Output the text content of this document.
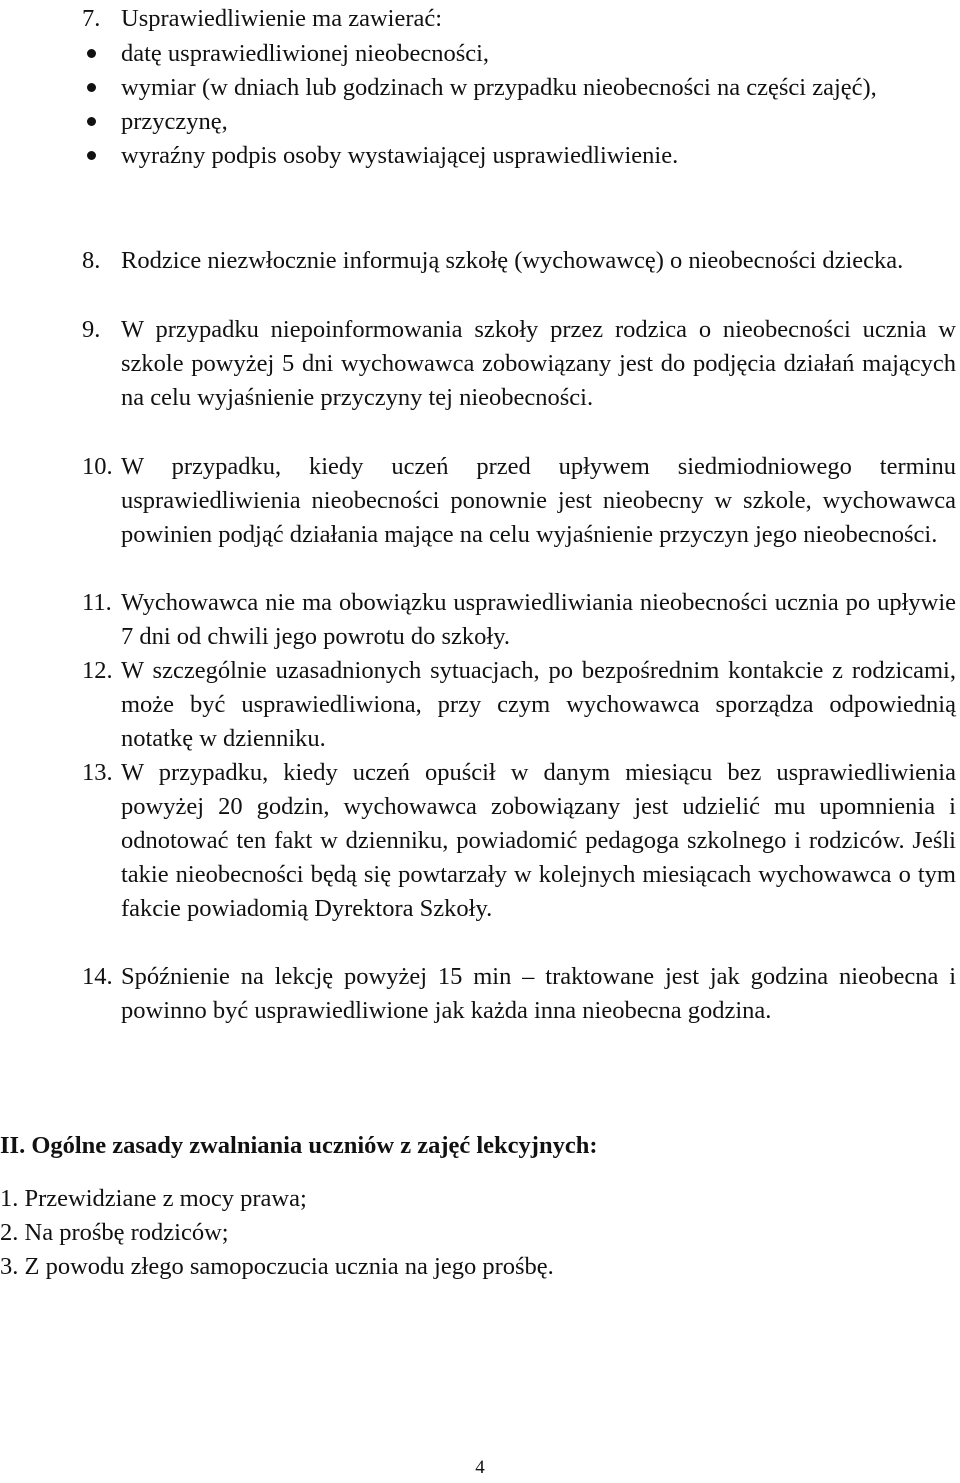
7. Usprawiedliwienie ma zawierać:
datę usprawiedliwionej nieobecności,
wymiar (w dniach lub godzinach w przypadku nieobecności na części zajęć),
przyczynę,
wyraźny podpis osoby wystawiającej usprawiedliwienie.
8. Rodzice niezwłocznie informują szkołę (wychowawcę) o nieobecności dziecka.
9. W przypadku niepoinformowania szkoły przez rodzica o nieobecności ucznia w szkole powyżej 5 dni wychowawca zobowiązany jest do podjęcia działań mających na celu wyjaśnienie przyczyny tej nieobecności.
10. W przypadku, kiedy uczeń przed upływem siedmiodniowego terminu usprawiedliwienia nieobecności ponownie jest nieobecny w szkole, wychowawca powinien podjąć działania mające na celu wyjaśnienie przyczyn jego nieobecności.
11. Wychowawca nie ma obowiązku usprawiedliwiania nieobecności ucznia po upływie 7 dni od chwili jego powrotu do szkoły.
12. W szczególnie uzasadnionych sytuacjach, po bezpośrednim kontakcie z rodzicami, może być usprawiedliwiona, przy czym wychowawca sporządza odpowiednią notatkę w dzienniku.
13. W przypadku, kiedy uczeń opuścił w danym miesiącu bez usprawiedliwienia powyżej 20 godzin, wychowawca zobowiązany jest udzielić mu upomnienia i odnotować ten fakt w dzienniku, powiadomić pedagoga szkolnego i rodziców. Jeśli takie nieobecności będą się powtarzały w kolejnych miesiącach wychowawca o tym fakcie powiadomią Dyrektora Szkoły.
14. Spóźnienie na lekcję powyżej 15 min – traktowane jest jak godzina nieobecna i powinno być usprawiedliwione jak każda inna nieobecna godzina.
II. Ogólne zasady zwalniania uczniów z zajęć lekcyjnych:
1. Przewidziane z mocy prawa;
2. Na prośbę rodziców;
3. Z powodu złego samopoczucia ucznia na jego prośbę.
4
